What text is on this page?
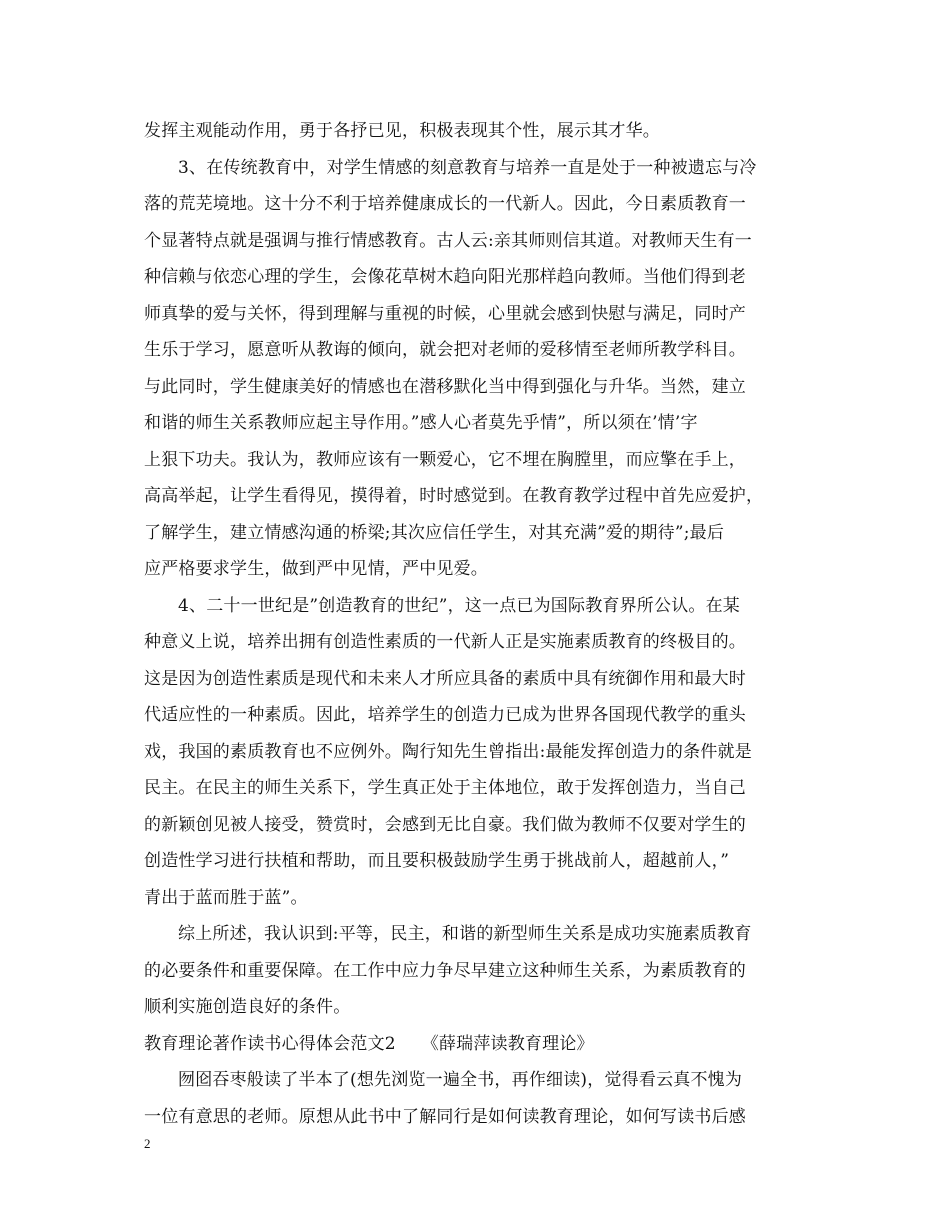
发挥主观能动作用，勇于各抒已见，积极表现其个性，展示其才华。
3、在传统教育中，对学生情感的刻意教育与培养一直是处于一种被遗忘与冷
落的荒芜境地。这十分不利于培养健康成长的一代新人。因此，今日素质教育一
个显著特点就是强调与推行情感教育。古人云:亲其师则信其道。对教师天生有一
种信赖与依恋心理的学生，会像花草树木趋向阳光那样趋向教师。当他们得到老
师真挚的爱与关怀，得到理解与重视的时候，心里就会感到快慰与满足，同时产
生乐于学习，愿意听从教诲的倾向，就会把对老师的爱移情至老师所教学科目。
与此同时，学生健康美好的情感也在潜移默化当中得到强化与升华。当然，建立
和谐的师生关系教师应起主导作用。”感人心者莫先乎情”，所以须在’情’字
上狠下功夫。我认为，教师应该有一颗爱心，它不埋在胸膛里，而应擎在手上，
高高举起，让学生看得见，摸得着，时时感觉到。在教育教学过程中首先应爱护，
了解学生，建立情感沟通的桥梁;其次应信任学生，对其充满”爱的期待”;最后
应严格要求学生，做到严中见情，严中见爱。
4、二十一世纪是”创造教育的世纪”，这一点已为国际教育界所公认。在某
种意义上说，培养出拥有创造性素质的一代新人正是实施素质教育的终极目的。
这是因为创造性素质是现代和未来人才所应具备的素质中具有统御作用和最大时
代适应性的一种素质。因此，培养学生的创造力已成为世界各国现代教学的重头
戏，我国的素质教育也不应例外。陶行知先生曾指出:最能发挥创造力的条件就是
民主。在民主的师生关系下，学生真正处于主体地位，敢于发挥创造力，当自己
的新颖创见被人接受，赞赏时，会感到无比自豪。我们做为教师不仅要对学生的
创造性学习进行扶植和帮助，而且要积极鼓励学生勇于挑战前人，超越前人，”
青出于蓝而胜于蓝”。
综上所述，我认识到:平等，民主，和谐的新型师生关系是成功实施素质教育
的必要条件和重要保障。在工作中应力争尽早建立这种师生关系，为素质教育的
顺利实施创造良好的条件。
教育理论著作读书心得体会范文2　　《薛瑞萍读教育理论》
囫囵吞枣般读了半本了(想先浏览一遍全书，再作细读)，觉得看云真不愧为
一位有意思的老师。原想从此书中了解同行是如何读教育理论，如何写读书后感
2
